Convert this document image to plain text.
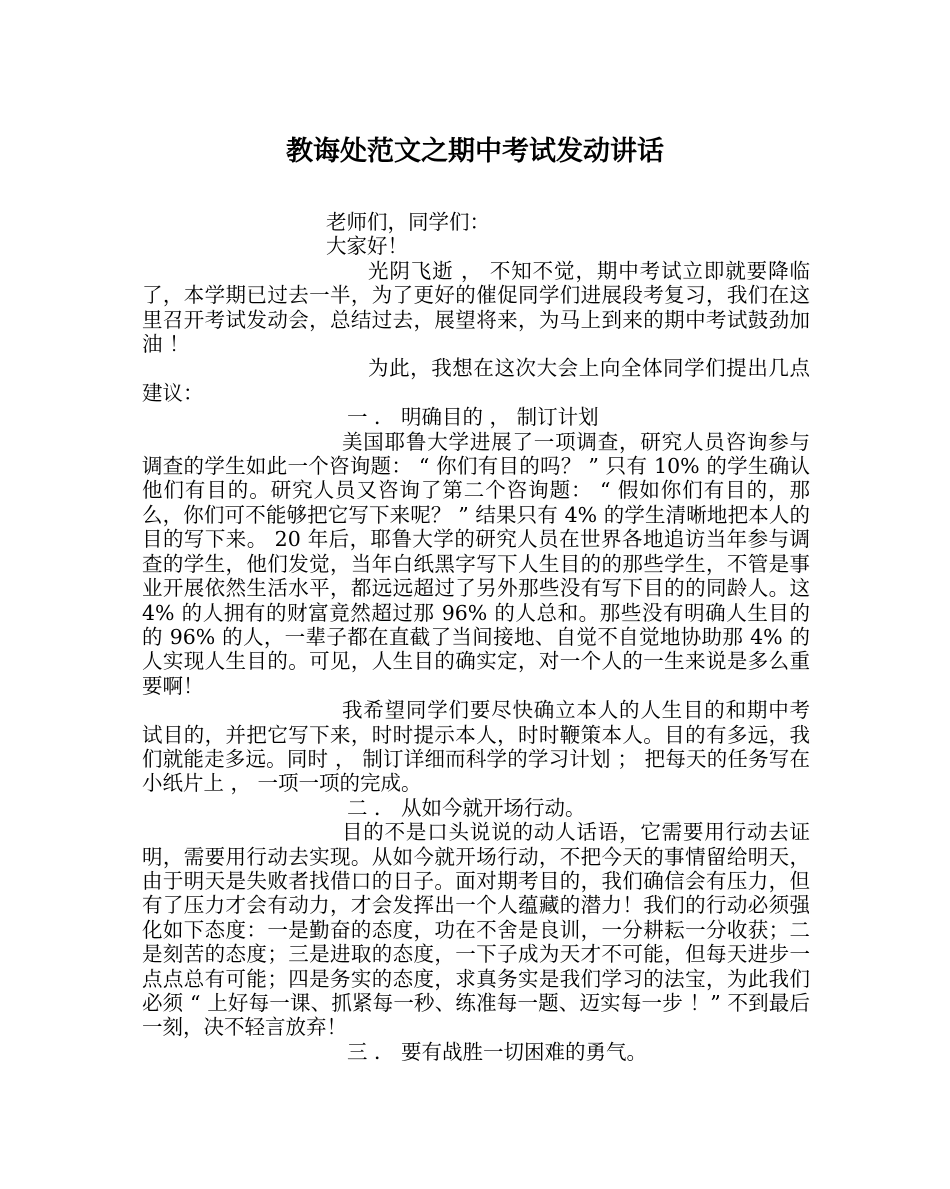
教诲处范文之期中考试发动讲话

老师们，同学们：

大家好！

光阴飞逝 ， 不知不觉，期中考试立即就要降临了，本学期已过去一半，为了更好的催促同学们进展段考复习，我们在这里召开考试发动会，总结过去，展望将来，为马上到来的期中考试鼓劲加油 ！

为此，我想在这次大会上向全体同学们提出几点建议：

一 ． 明确目的 ， 制订计划

美国耶鲁大学进展了一项调查，研究人员咨询参与调查的学生如此一个咨询题： “ 你们有目的吗？ ” 只有 10% 的学生确认他们有目的。研究人员又咨询了第二个咨询题： “ 假如你们有目的，那么，你们可不能够把它写下来呢？ ” 结果只有 4% 的学生清晰地把本人的目的写下来。 20 年后，耶鲁大学的研究人员在世界各地追访当年参与调查的学生，他们发觉，当年白纸黑字写下人生目的的那些学生，不管是事业开展依然生活水平，都远远超过了另外那些没有写下目的的同龄人。这 4% 的人拥有的财富竟然超过那 96% 的人总和。那些没有明确人生目的的 96% 的人，一辈子都在直截了当间接地、自觉不自觉地协助那 4% 的人实现人生目的。可见，人生目的确实定，对一个人的一生来说是多么重要啊！

我希望同学们要尽快确立本人的人生目的和期中考试目的，并把它写下来，时时提示本人，时时鞭策本人。目的有多远，我们就能走多远。同时 ， 制订详细而科学的学习计划 ； 把每天的任务写在小纸片上 ， 一项一项的完成。

二 ． 从如今就开场行动。

目的不是口头说说的动人话语，它需要用行动去证明，需要用行动去实现。从如今就开场行动，不把今天的事情留给明天，由于明天是失败者找借口的日子。面对期考目的，我们确信会有压力，但有了压力才会有动力，才会发挥出一个人蕴藏的潜力！我们的行动必须强化如下态度：一是勤奋的态度，功在不舍是良训，一分耕耘一分收获；二是刻苦的态度；三是进取的态度，一下子成为天才不可能，但每天进步一点点总有可能；四是务实的态度，求真务实是我们学习的法宝，为此我们必须 “ 上好每一课、抓紧每一秒、练准每一题、迈实每一步 ！” 不到最后一刻，决不轻言放弃！

三 ． 要有战胜一切困难的勇气。
